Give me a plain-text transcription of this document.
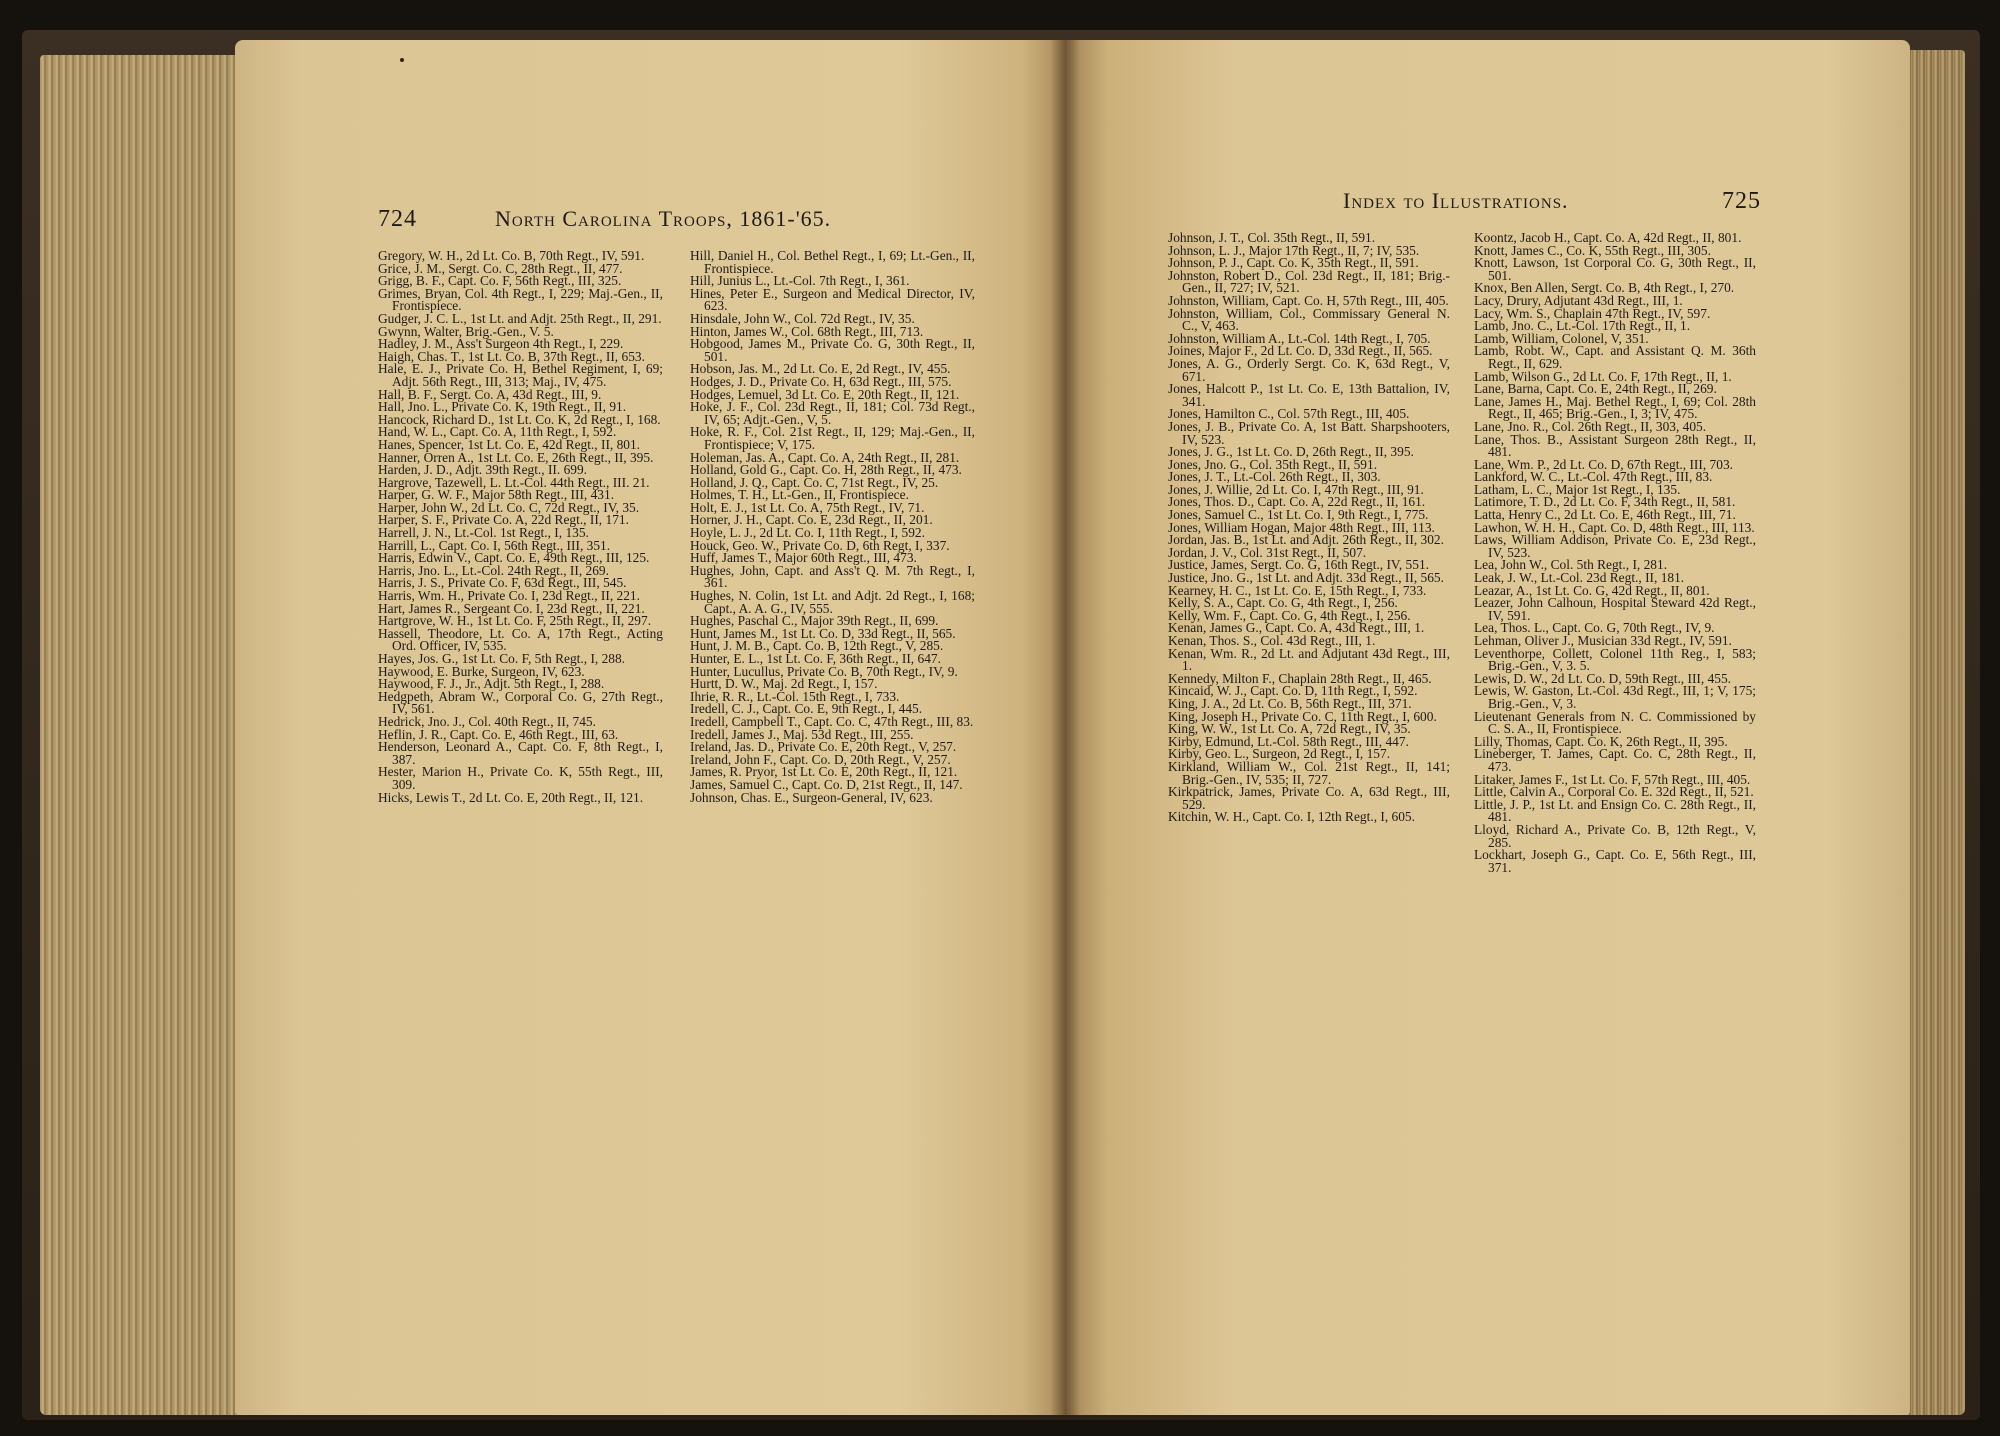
724	North Carolina Troops, 1861-'65.
Index to Illustrations.	725

Gregory, W. H., 2d Lt. Co. B, 70th Regt., IV, 591.

Grice, J. M., Sergt. Co. C, 28th Regt., II, 477.

Grigg, B. F., Capt. Co. F, 56th Regt., III, 325.

Grimes, Bryan, Col. 4th Regt., I, 229; Maj.-Gen., II, Frontispiece.

Gudger, J. C. L., 1st Lt. and Adjt. 25th Regt., II, 291.

Gwynn, Walter, Brig.-Gen., V. 5.

Hadley, J. M., Ass't Surgeon 4th Regt., I, 229.

Haigh, Chas. T., 1st Lt. Co. B, 37th Regt., II, 653.

Hale, E. J., Private Co. H, Bethel Regiment, I, 69; Adjt. 56th Regt., III, 313; Maj., IV, 475.

Hall, B. F., Sergt. Co. A, 43d Regt., III, 9.

Hall, Jno. L., Private Co. K, 19th Regt., II, 91.

Hancock, Richard D., 1st Lt. Co. K, 2d Regt., I, 168.

Hand, W. L., Capt. Co. A, 11th Regt., I, 592.

Hanes, Spencer, 1st Lt. Co. E, 42d Regt., II, 801.

Hanner, Orren A., 1st Lt. Co. E, 26th Regt., II, 395.

Harden, J. D., Adjt. 39th Regt., II. 699.

Hargrove, Tazewell, L. Lt.-Col. 44th Regt., III. 21.

Harper, G. W. F., Major 58th Regt., III, 431.

Harper, John W., 2d Lt. Co. C, 72d Regt., IV, 35.

Harper, S. F., Private Co. A, 22d Regt., II, 171.

Harrell, J. N., Lt.-Col. 1st Regt., I, 135.

Harrill, L., Capt. Co. I, 56th Regt., III, 351.

Harris, Edwin V., Capt. Co. E, 49th Regt., III, 125.

Harris, Jno. L., Lt.-Col. 24th Regt., II, 269.

Harris, J. S., Private Co. F, 63d Regt., III, 545.

Harris, Wm. H., Private Co. I, 23d Regt., II, 221.

Hart, James R., Sergeant Co. I, 23d Regt., II, 221.

Hartgrove, W. H., 1st Lt. Co. F, 25th Regt., II, 297.

Hassell, Theodore, Lt. Co. A, 17th Regt., Acting Ord. Officer, IV, 535.

Hayes, Jos. G., 1st Lt. Co. F, 5th Regt., I, 288.

Haywood, E. Burke, Surgeon, IV, 623.

Haywood, F. J., Jr., Adjt. 5th Regt., I, 288.

Hedgpeth, Abram W., Corporal Co. G, 27th Regt., IV, 561.

Hedrick, Jno. J., Col. 40th Regt., II, 745.

Heflin, J. R., Capt. Co. E, 46th Regt., III, 63.

Henderson, Leonard A., Capt. Co. F, 8th Regt., I, 387.

Hester, Marion H., Private Co. K, 55th Regt., III, 309.

Hicks, Lewis T., 2d Lt. Co. E, 20th Regt., II, 121.

Hill, Daniel H., Col. Bethel Regt., I, 69; Lt.-Gen., II, Frontispiece.

Hill, Junius L., Lt.-Col. 7th Regt., I, 361.

Hines, Peter E., Surgeon and Medical Director, IV, 623.

Hinsdale, John W., Col. 72d Regt., IV, 35.

Hinton, James W., Col. 68th Regt., III, 713.

Hobgood, James M., Private Co. G, 30th Regt., II, 501.

Hobson, Jas. M., 2d Lt. Co. E, 2d Regt., IV, 455.

Hodges, J. D., Private Co. H, 63d Regt., III, 575.

Hodges, Lemuel, 3d Lt. Co. E, 20th Regt., II, 121.

Hoke, J. F., Col. 23d Regt., II, 181; Col. 73d Regt., IV, 65; Adjt.-Gen., V, 5.

Hoke, R. F., Col. 21st Regt., II, 129; Maj.-Gen., II, Frontispiece; V, 175.

Holeman, Jas. A., Capt. Co. A, 24th Regt., II, 281.

Holland, Gold G., Capt. Co. H, 28th Regt., II, 473.

Holland, J. Q., Capt. Co. C, 71st Regt., IV, 25.

Holmes, T. H., Lt.-Gen., II, Frontispiece.

Holt, E. J., 1st Lt. Co. A, 75th Regt., IV, 71.

Horner, J. H., Capt. Co. E, 23d Regt., II, 201.

Hoyle, L. J., 2d Lt. Co. I, 11th Regt., I, 592.

Houck, Geo. W., Private Co. D, 6th Regt, I, 337.

Huff, James T., Major 60th Regt., III, 473.

Hughes, John, Capt. and Ass't Q. M. 7th Regt., I, 361.

Hughes, N. Colin, 1st Lt. and Adjt. 2d Regt., I, 168; Capt., A. A. G., IV, 555.

Hughes, Paschal C., Major 39th Regt., II, 699.

Hunt, James M., 1st Lt. Co. D, 33d Regt., II, 565.

Hunt, J. M. B., Capt. Co. B, 12th Regt., V, 285.

Hunter, E. L., 1st Lt. Co. F, 36th Regt., II, 647.

Hunter, Lucullus, Private Co. B, 70th Regt., IV, 9.

Hurtt, D. W., Maj. 2d Regt., I, 157.

Ihrie, R. R., Lt.-Col. 15th Regt., I, 733.

Iredell, C. J., Capt. Co. E, 9th Regt., I, 445.

Iredell, Campbell T., Capt. Co. C, 47th Regt., III, 83.

Iredell, James J., Maj. 53d Regt., III, 255.

Ireland, Jas. D., Private Co. E, 20th Regt., V, 257.

Ireland, John F., Capt. Co. D, 20th Regt., V, 257.

James, R. Pryor, 1st Lt. Co. E, 20th Regt., II, 121.

James, Samuel C., Capt. Co. D, 21st Regt., II, 147.

Johnson, Chas. E., Surgeon-General, IV, 623.

Johnson, J. T., Col. 35th Regt., II, 591.

Johnson, L. J., Major 17th Regt., II, 7; IV, 535.

Johnson, P. J., Capt. Co. K, 35th Regt., II, 591.

Johnston, Robert D., Col. 23d Regt., II, 181; Brig.-Gen., II, 727; IV, 521.

Johnston, William, Capt. Co. H, 57th Regt., III, 405.

Johnston, William, Col., Commissary General N. C., V, 463.

Johnston, William A., Lt.-Col. 14th Regt., I, 705.

Joines, Major F., 2d Lt. Co. D, 33d Regt., II, 565.

Jones, A. G., Orderly Sergt. Co. K, 63d Regt., V, 671.

Jones, Halcott P., 1st Lt. Co. E, 13th Battalion, IV, 341.

Jones, Hamilton C., Col. 57th Regt., III, 405.

Jones, J. B., Private Co. A, 1st Batt. Sharpshooters, IV, 523.

Jones, J. G., 1st Lt. Co. D, 26th Regt., II, 395.

Jones, Jno. G., Col. 35th Regt., II, 591.

Jones, J. T., Lt.-Col. 26th Regt., II, 303.

Jones, J. Willie, 2d Lt. Co. I, 47th Regt., III, 91.

Jones, Thos. D., Capt. Co. A, 22d Regt., II, 161.

Jones, Samuel C., 1st Lt. Co. I, 9th Regt., I, 775.

Jones, William Hogan, Major 48th Regt., III, 113.

Jordan, Jas. B., 1st Lt. and Adjt. 26th Regt., II, 302.

Jordan, J. V., Col. 31st Regt., II, 507.

Justice, James, Sergt. Co. G, 16th Regt., IV, 551.

Justice, Jno. G., 1st Lt. and Adjt. 33d Regt., II, 565.

Kearney, H. C., 1st Lt. Co. E, 15th Regt., I, 733.

Kelly, S. A., Capt. Co. G, 4th Regt., I, 256.

Kelly, Wm. F., Capt. Co. G, 4th Regt., I, 256.

Kenan, James G., Capt. Co. A, 43d Regt., III, 1.

Kenan, Thos. S., Col. 43d Regt., III, 1.

Kenan, Wm. R., 2d Lt. and Adjutant 43d Regt., III, 1.

Kennedy, Milton F., Chaplain 28th Regt., II, 465.

Kincaid, W. J., Capt. Co. D, 11th Regt., I, 592.

King, J. A., 2d Lt. Co. B, 56th Regt., III, 371.

King, Joseph H., Private Co. C, 11th Regt., I, 600.

King, W. W., 1st Lt. Co. A, 72d Regt., IV, 35.

Kirby, Edmund, Lt.-Col. 58th Regt., III, 447.

Kirby, Geo. L., Surgeon, 2d Regt., I, 157.

Kirkland, William W., Col. 21st Regt., II, 141; Brig.-Gen., IV, 535; II, 727.

Kirkpatrick, James, Private Co. A, 63d Regt., III, 529.

Kitchin, W. H., Capt. Co. I, 12th Regt., I, 605.

Koontz, Jacob H., Capt. Co. A, 42d Regt., II, 801.

Knott, James C., Co. K, 55th Regt., III, 305.

Knott, Lawson, 1st Corporal Co. G, 30th Regt., II, 501.

Knox, Ben Allen, Sergt. Co. B, 4th Regt., I, 270.

Lacy, Drury, Adjutant 43d Regt., III, 1.

Lacy, Wm. S., Chaplain 47th Regt., IV, 597.

Lamb, Jno. C., Lt.-Col. 17th Regt., II, 1.

Lamb, William, Colonel, V, 351.

Lamb, Robt. W., Capt. and Assistant Q. M. 36th Regt., II, 629.

Lamb, Wilson G., 2d Lt. Co. F, 17th Regt., II, 1.

Lane, Barna, Capt. Co. E, 24th Regt., II, 269.

Lane, James H., Maj. Bethel Regt., I, 69; Col. 28th Regt., II, 465; Brig.-Gen., I, 3; IV, 475.

Lane, Jno. R., Col. 26th Regt., II, 303, 405.

Lane, Thos. B., Assistant Surgeon 28th Regt., II, 481.

Lane, Wm. P., 2d Lt. Co. D, 67th Regt., III, 703.

Lankford, W. C., Lt.-Col. 47th Regt., III, 83.

Latham, L. C., Major 1st Regt., I, 135.

Latimore, T. D., 2d Lt. Co. F, 34th Regt., II, 581.

Latta, Henry C., 2d Lt. Co. E, 46th Regt., III, 71.

Lawhon, W. H. H., Capt. Co. D, 48th Regt., III, 113.

Laws, William Addison, Private Co. E, 23d Regt., IV, 523.

Lea, John W., Col. 5th Regt., I, 281.

Leak, J. W., Lt.-Col. 23d Regt., II, 181.

Leazar, A., 1st Lt. Co. G, 42d Regt., II, 801.

Leazer, John Calhoun, Hospital Steward 42d Regt., IV, 591.

Lea, Thos. L., Capt. Co. G, 70th Regt., IV, 9.

Lehman, Oliver J., Musician 33d Regt., IV, 591.

Leventhorpe, Collett, Colonel 11th Reg., I, 583; Brig.-Gen., V, 3. 5.

Lewis, D. W., 2d Lt. Co. D, 59th Regt., III, 455.

Lewis, W. Gaston, Lt.-Col. 43d Regt., III, 1; V, 175; Brig.-Gen., V, 3.

Lieutenant Generals from N. C. Commissioned by C. S. A., II, Frontispiece.

Lilly, Thomas, Capt. Co. K, 26th Regt., II, 395.

Lineberger, T. James, Capt. Co. C, 28th Regt., II, 473.

Litaker, James F., 1st Lt. Co. F, 57th Regt., III, 405.

Little, Calvin A., Corporal Co. E. 32d Regt., II, 521.

Little, J. P., 1st Lt. and Ensign Co. C. 28th Regt., II, 481.

Lloyd, Richard A., Private Co. B, 12th Regt., V, 285.

Lockhart, Joseph G., Capt. Co. E, 56th Regt., III, 371.
